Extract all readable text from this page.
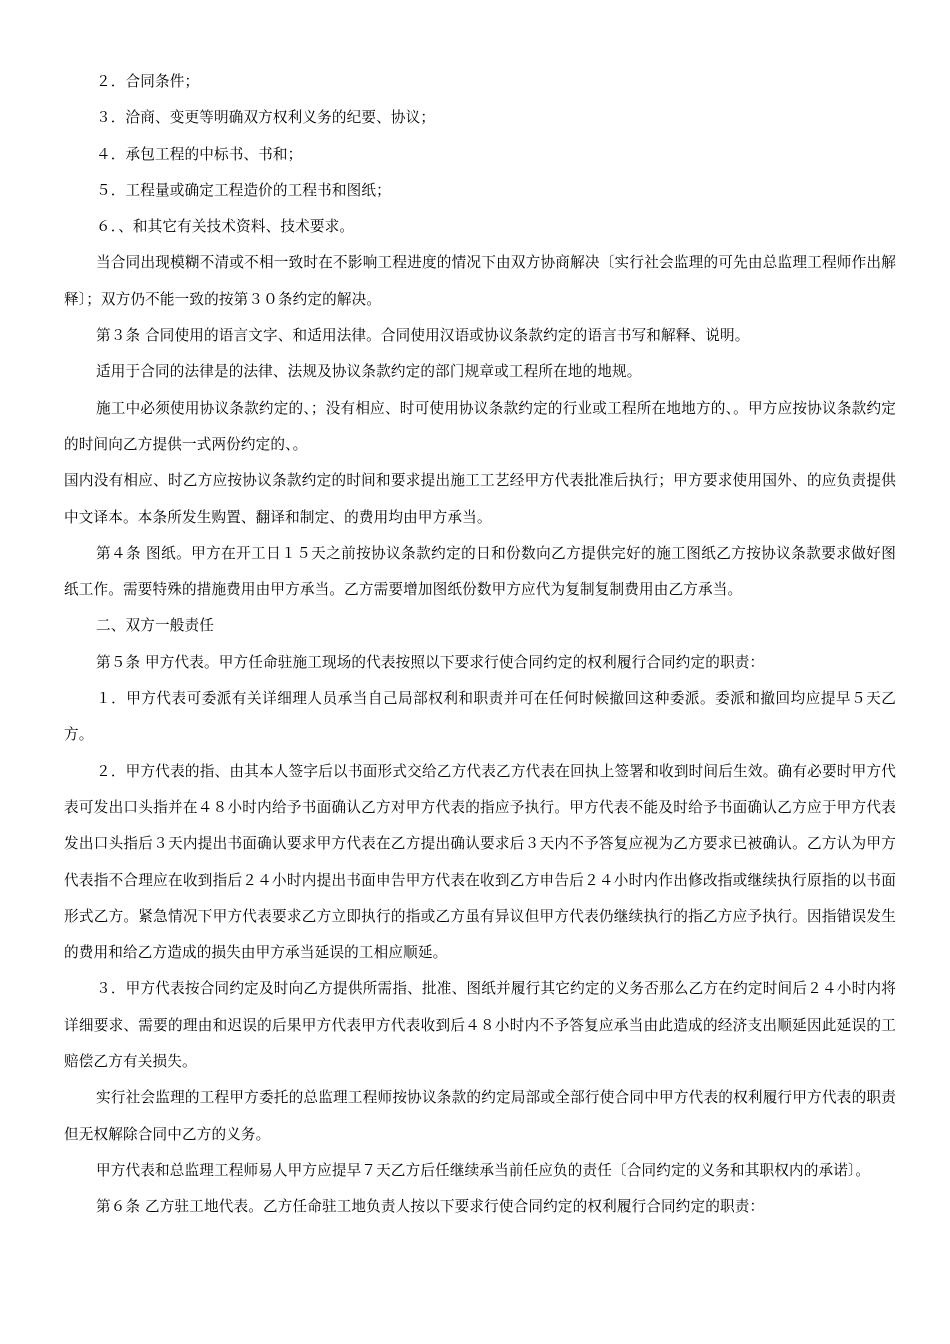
２．合同条件；

３．洽商、变更等明确双方权利义务的纪要、协议；

４．承包工程的中标书、书和；

５．工程量或确定工程造价的工程书和图纸；

６．、和其它有关技术资料、技术要求。

当合同出现模糊不清或不相一致时在不影响工程进度的情况下由双方协商解决〔实行社会监理的可先由总监理工程师作出解释〕；双方仍不能一致的按第３０条约定的解决。

第３条 合同使用的语言文字、和适用法律。合同使用汉语或协议条款约定的语言书写和解释、说明。

适用于合同的法律是的法律、法规及协议条款约定的部门规章或工程所在地的地规。

施工中必须使用协议条款约定的、；没有相应、时可使用协议条款约定的行业或工程所在地地方的、。甲方应按协议条款约定的时间向乙方提供一式两份约定的、。

国内没有相应、时乙方应按协议条款约定的时间和要求提出施工工艺经甲方代表批准后执行；甲方要求使用国外、的应负责提供中文译本。本条所发生购置、翻译和制定、的费用均由甲方承当。

第４条 图纸。甲方在开工日１５天之前按协议条款约定的日和份数向乙方提供完好的施工图纸乙方按协议条款要求做好图纸工作。需要特殊的措施费用由甲方承当。乙方需要增加图纸份数甲方应代为复制复制费用由乙方承当。

二、双方一般责任

第５条 甲方代表。甲方任命驻施工现场的代表按照以下要求行使合同约定的权利履行合同约定的职责：

１．甲方代表可委派有关详细理人员承当自己局部权利和职责并可在任何时候撤回这种委派。委派和撤回均应提早５天乙方。

２．甲方代表的指、由其本人签字后以书面形式交给乙方代表乙方代表在回执上签署和收到时间后生效。确有必要时甲方代表可发出口头指并在４８小时内给予书面确认乙方对甲方代表的指应予执行。甲方代表不能及时给予书面确认乙方应于甲方代表发出口头指后３天内提出书面确认要求甲方代表在乙方提出确认要求后３天内不予答复应视为乙方要求已被确认。乙方认为甲方代表指不合理应在收到指后２４小时内提出书面申告甲方代表在收到乙方申告后２４小时内作出修改指或继续执行原指的以书面形式乙方。紧急情况下甲方代表要求乙方立即执行的指或乙方虽有异议但甲方代表仍继续执行的指乙方应予执行。因指错误发生的费用和给乙方造成的损失由甲方承当延误的工相应顺延。

３．甲方代表按合同约定及时向乙方提供所需指、批准、图纸并履行其它约定的义务否那么乙方在约定时间后２４小时内将详细要求、需要的理由和迟误的后果甲方代表甲方代表收到后４８小时内不予答复应承当由此造成的经济支出顺延因此延误的工赔偿乙方有关损失。

实行社会监理的工程甲方委托的总监理工程师按协议条款的约定局部或全部行使合同中甲方代表的权利履行甲方代表的职责但无权解除合同中乙方的义务。

甲方代表和总监理工程师易人甲方应提早７天乙方后任继续承当前任应负的责任〔合同约定的义务和其职权内的承诺〕。

第６条 乙方驻工地代表。乙方任命驻工地负责人按以下要求行使合同约定的权利履行合同约定的职责：
